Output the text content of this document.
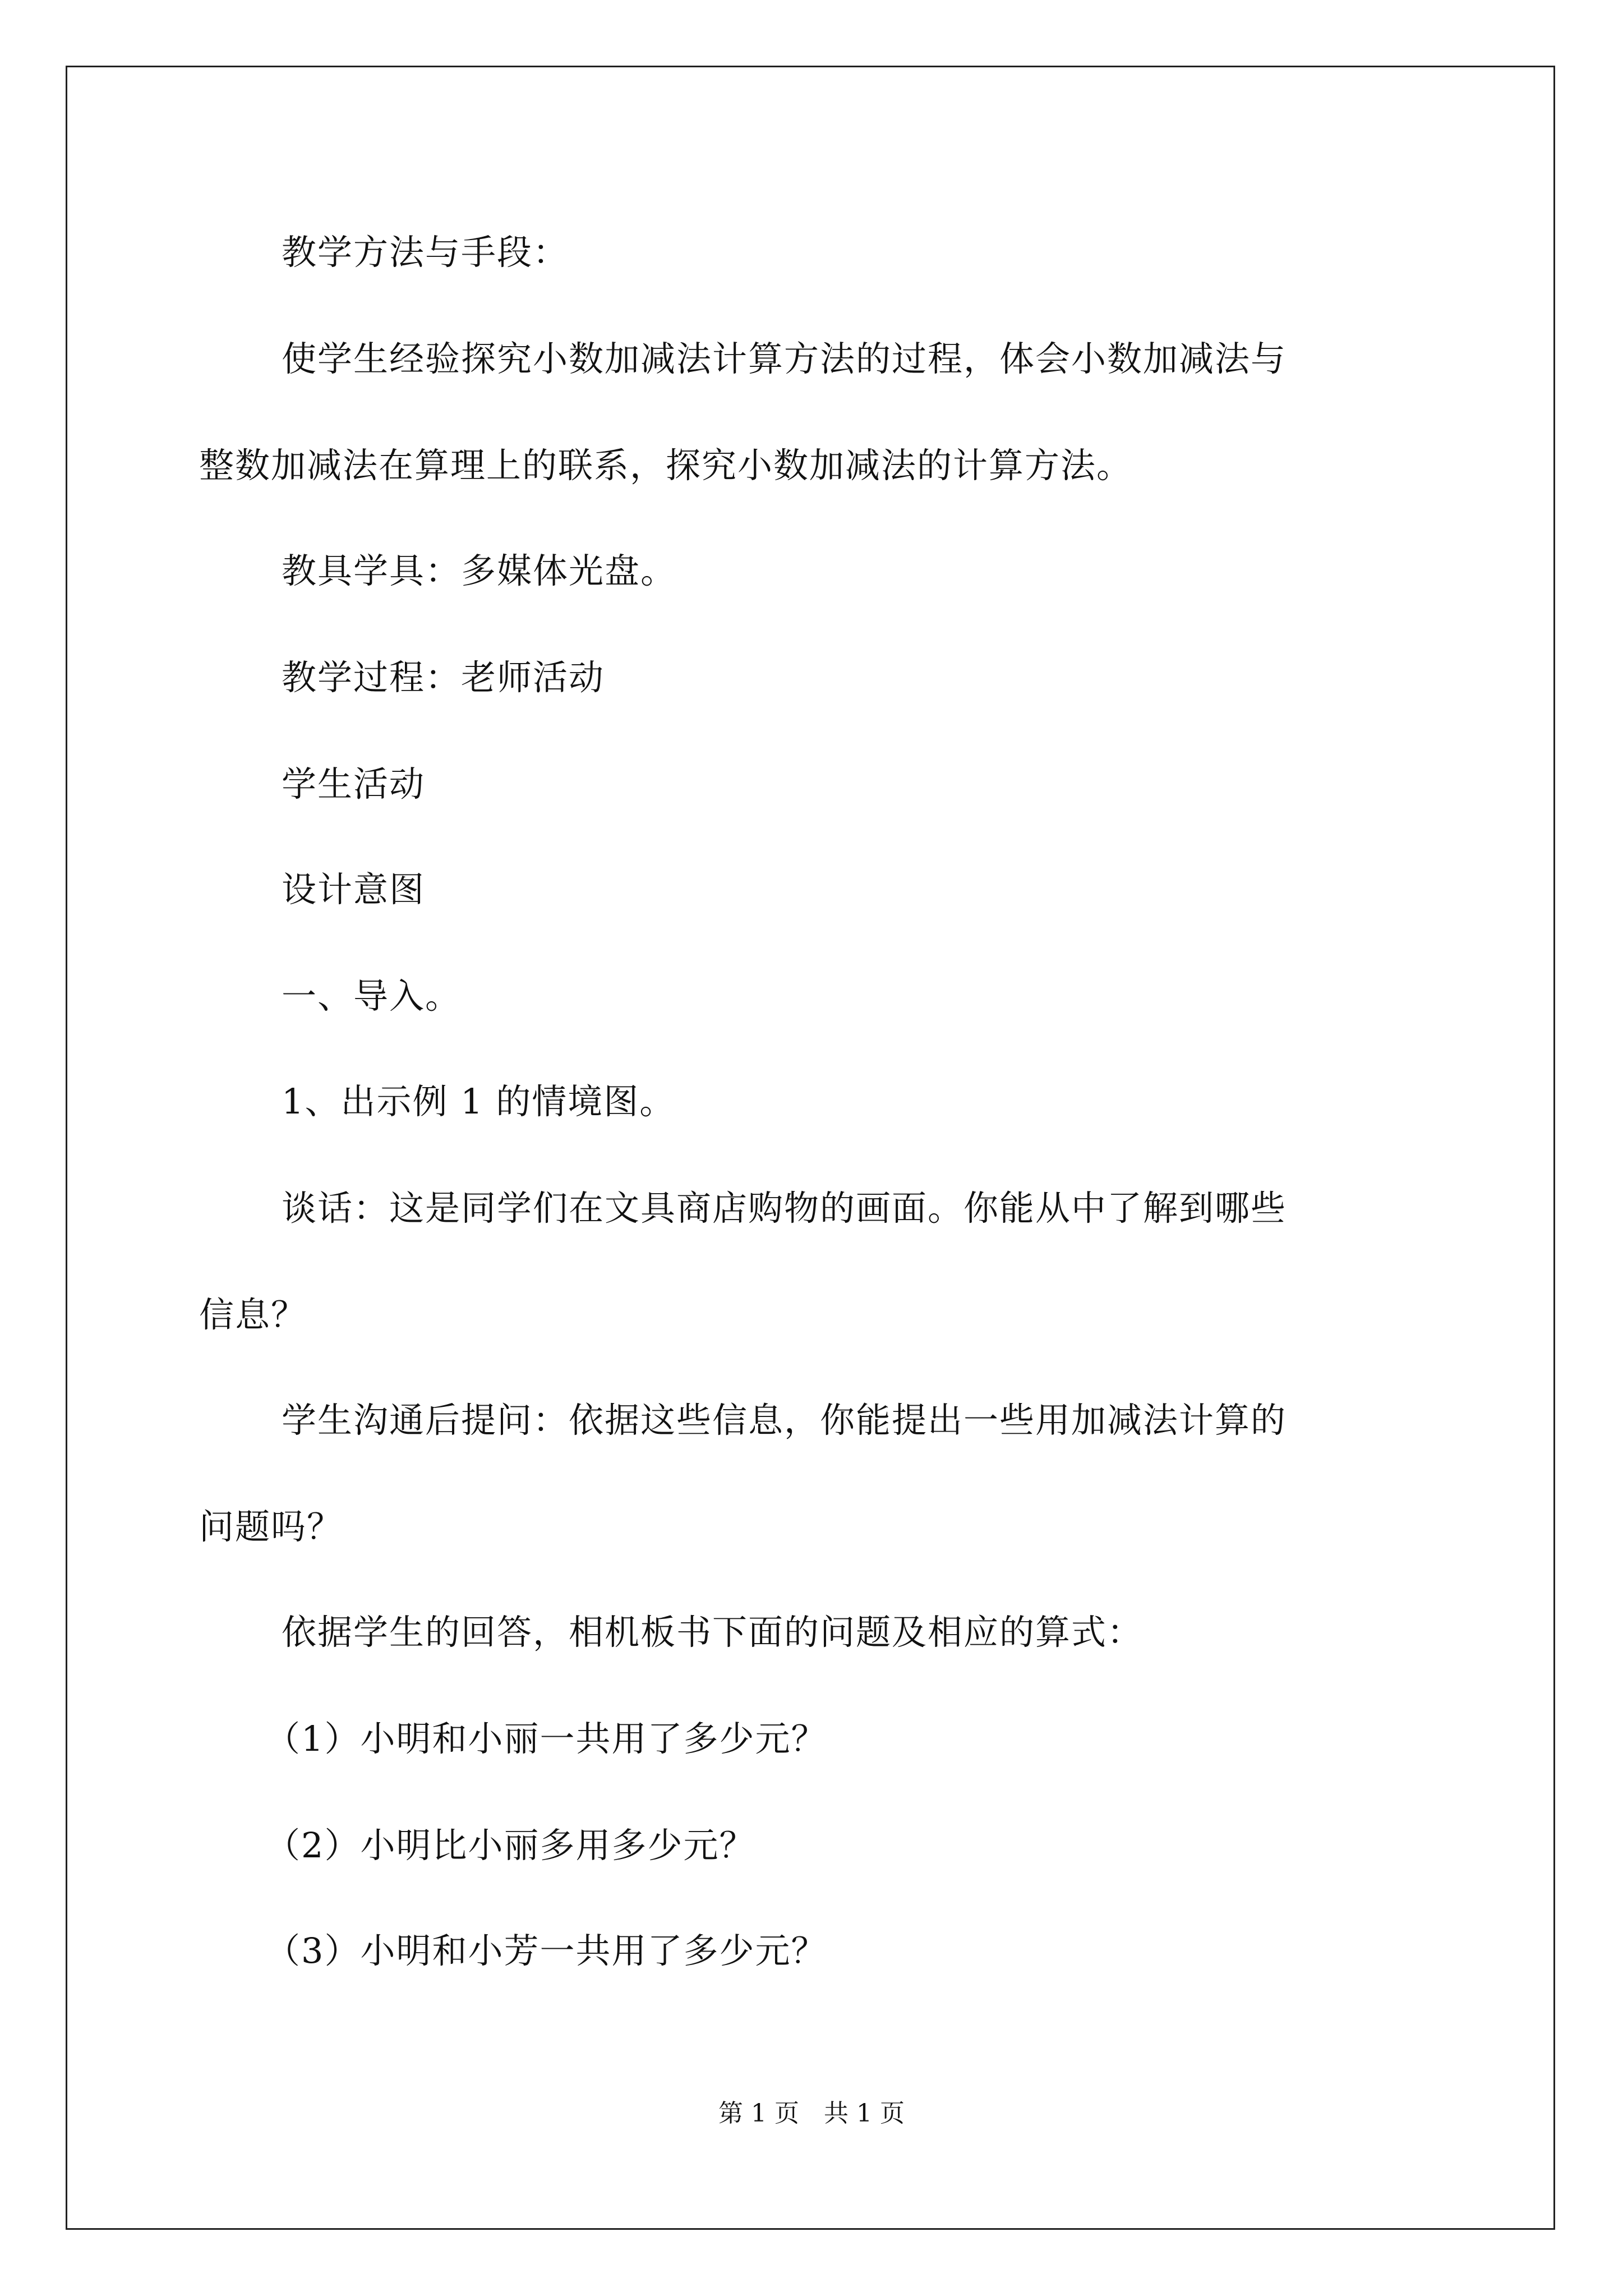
教学方法与手段：
使学生经验探究小数加减法计算方法的过程，体会小数加减法与
整数加减法在算理上的联系，探究小数加减法的计算方法。
教具学具：多媒体光盘。
教学过程：老师活动
学生活动
设计意图
一、导入。
1、出示例 1 的情境图。
谈话：这是同学们在文具商店购物的画面。你能从中了解到哪些
信息？
学生沟通后提问：依据这些信息，你能提出一些用加减法计算的
问题吗？
依据学生的回答，相机板书下面的问题及相应的算式：
（1）小明和小丽一共用了多少元？
（2）小明比小丽多用多少元？
（3）小明和小芳一共用了多少元？
第 1 页　共 1 页
